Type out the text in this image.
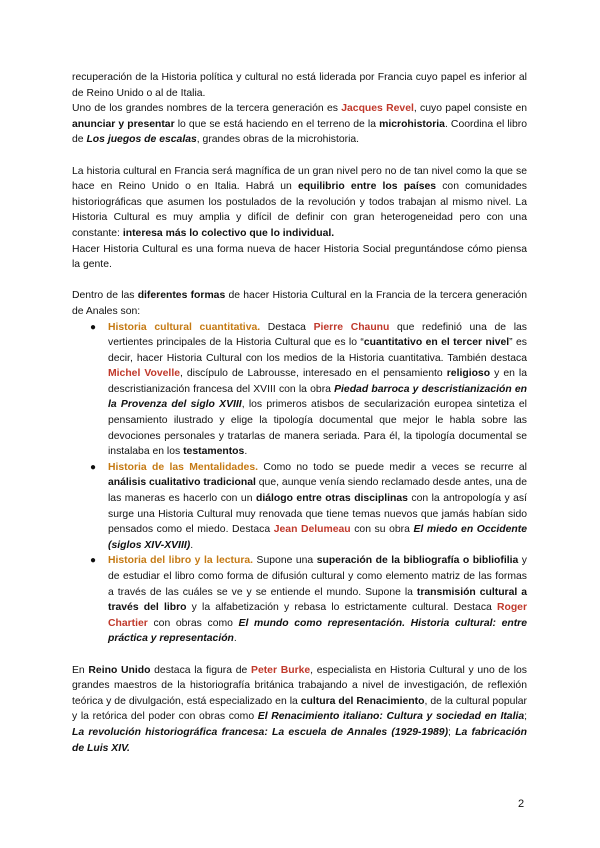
recuperación de la Historia política y cultural no está liderada por Francia cuyo papel es inferior al de Reino Unido o al de Italia.

Uno de los grandes nombres de la tercera generación es Jacques Revel, cuyo papel consiste en anunciar y presentar lo que se está haciendo en el terreno de la microhistoria. Coordina el libro de Los juegos de escalas, grandes obras de la microhistoria.

La historia cultural en Francia será magnífica de un gran nivel pero no de tan nivel como la que se hace en Reino Unido o en Italia. Habrá un equilibrio entre los países con comunidades historiográficas que asumen los postulados de la revolución y todos trabajan al mismo nivel. La Historia Cultural es muy amplia y difícil de definir con gran heterogeneidad pero con una constante: interesa más lo colectivo que lo individual.

Hacer Historia Cultural es una forma nueva de hacer Historia Social preguntándose cómo piensa la gente.

Dentro de las diferentes formas de hacer Historia Cultural en la Francia de la tercera generación de Anales son:

● Historia cultural cuantitativa. Destaca Pierre Chaunu que redefinió una de las vertientes principales de la Historia Cultural que es lo “cuantitativo en el tercer nivel” es decir, hacer Historia Cultural con los medios de la Historia cuantitativa. También destaca Michel Vovelle, discípulo de Labrousse, interesado en el pensamiento religioso y en la descristianización francesa del XVIII con la obra Piedad barroca y descristianización en la Provenza del siglo XVIII, los primeros atisbos de secularización europea sintetiza el pensamiento ilustrado y elige la tipología documental que mejor le habla sobre las devociones personales y tratarlas de manera seriada. Para él, la tipología documental se instalaba en los testamentos.
● Historia de las Mentalidades. Como no todo se puede medir a veces se recurre al análisis cualitativo tradicional que, aunque venía siendo reclamado desde antes, una de las maneras es hacerlo con un diálogo entre otras disciplinas con la antropología y así surge una Historia Cultural muy renovada que tiene temas nuevos que jamás habían sido pensados como el miedo. Destaca Jean Delumeau con su obra El miedo en Occidente (siglos XIV-XVIII).
● Historia del libro y la lectura. Supone una superación de la bibliografía o bibliofilia y de estudiar el libro como forma de difusión cultural y como elemento matriz de las formas a través de las cuáles se ve y se entiende el mundo. Supone la transmisión cultural a través del libro y la alfabetización y rebasa lo estrictamente cultural. Destaca Roger Chartier con obras como El mundo como representación. Historia cultural: entre práctica y representación.

En Reino Unido destaca la figura de Peter Burke, especialista en Historia Cultural y uno de los grandes maestros de la historiografía británica trabajando a nivel de investigación, de reflexión teórica y de divulgación, está especializado en la cultura del Renacimiento, de la cultural popular y la retórica del poder con obras como El Renacimiento italiano: Cultura y sociedad en Italia; La revolución historiográfica francesa: La escuela de Annales (1929-1989); La fabricación de Luis XIV.

2
